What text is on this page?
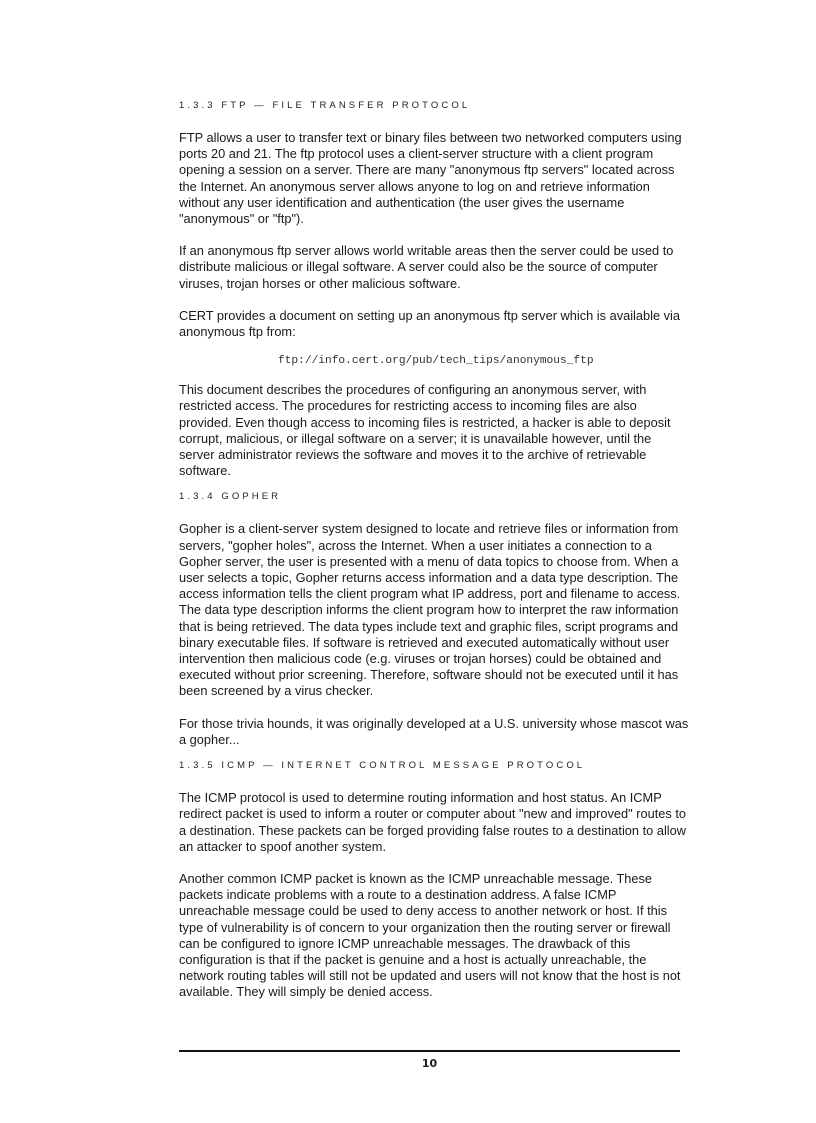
1.3.3 FTP — FILE TRANSFER PROTOCOL

FTP allows a user to transfer text or binary files between two networked computers using ports 20 and 21. The ftp protocol uses a client-server structure with a client program opening a session on a server. There are many "anonymous ftp servers" located across the Internet. An anonymous server allows anyone to log on and retrieve information without any user identification and authentication (the user gives the username "anonymous" or "ftp").

If an anonymous ftp server allows world writable areas then the server could be used to distribute malicious or illegal software. A server could also be the source of computer viruses, trojan horses or other malicious software.

CERT provides a document on setting up an anonymous ftp server which is available via anonymous ftp from:

ftp://info.cert.org/pub/tech_tips/anonymous_ftp

This document describes the procedures of configuring an anonymous server, with restricted access. The procedures for restricting access to incoming files are also provided. Even though access to incoming files is restricted, a hacker is able to deposit corrupt, malicious, or illegal software on a server; it is unavailable however, until the server administrator reviews the software and moves it to the archive of retrievable software.

1.3.4 GOPHER

Gopher is a client-server system designed to locate and retrieve files or information from servers, "gopher holes", across the Internet. When a user initiates a connection to a Gopher server, the user is presented with a menu of data topics to choose from. When a user selects a topic, Gopher returns access information and a data type description. The access information tells the client program what IP address, port and filename to access. The data type description informs the client program how to interpret the raw information that is being retrieved. The data types include text and graphic files, script programs and binary executable files. If software is retrieved and executed automatically without user intervention then malicious code (e.g. viruses or trojan horses) could be obtained and executed without prior screening. Therefore, software should not be executed until it has been screened by a virus checker.

For those trivia hounds, it was originally developed at a U.S. university whose mascot was a gopher...

1.3.5 ICMP — INTERNET CONTROL MESSAGE PROTOCOL

The ICMP protocol is used to determine routing information and host status. An ICMP redirect packet is used to inform a router or computer about "new and improved" routes to a destination. These packets can be forged providing false routes to a destination to allow an attacker to spoof another system.

Another common ICMP packet is known as the ICMP unreachable message. These packets indicate problems with a route to a destination address. A false ICMP unreachable message could be used to deny access to another network or host. If this type of vulnerability is of concern to your organization then the routing server or firewall can be configured to ignore ICMP unreachable messages. The drawback of this configuration is that if the packet is genuine and a host is actually unreachable, the network routing tables will still not be updated and users will not know that the host is not available. They will simply be denied access.

10
